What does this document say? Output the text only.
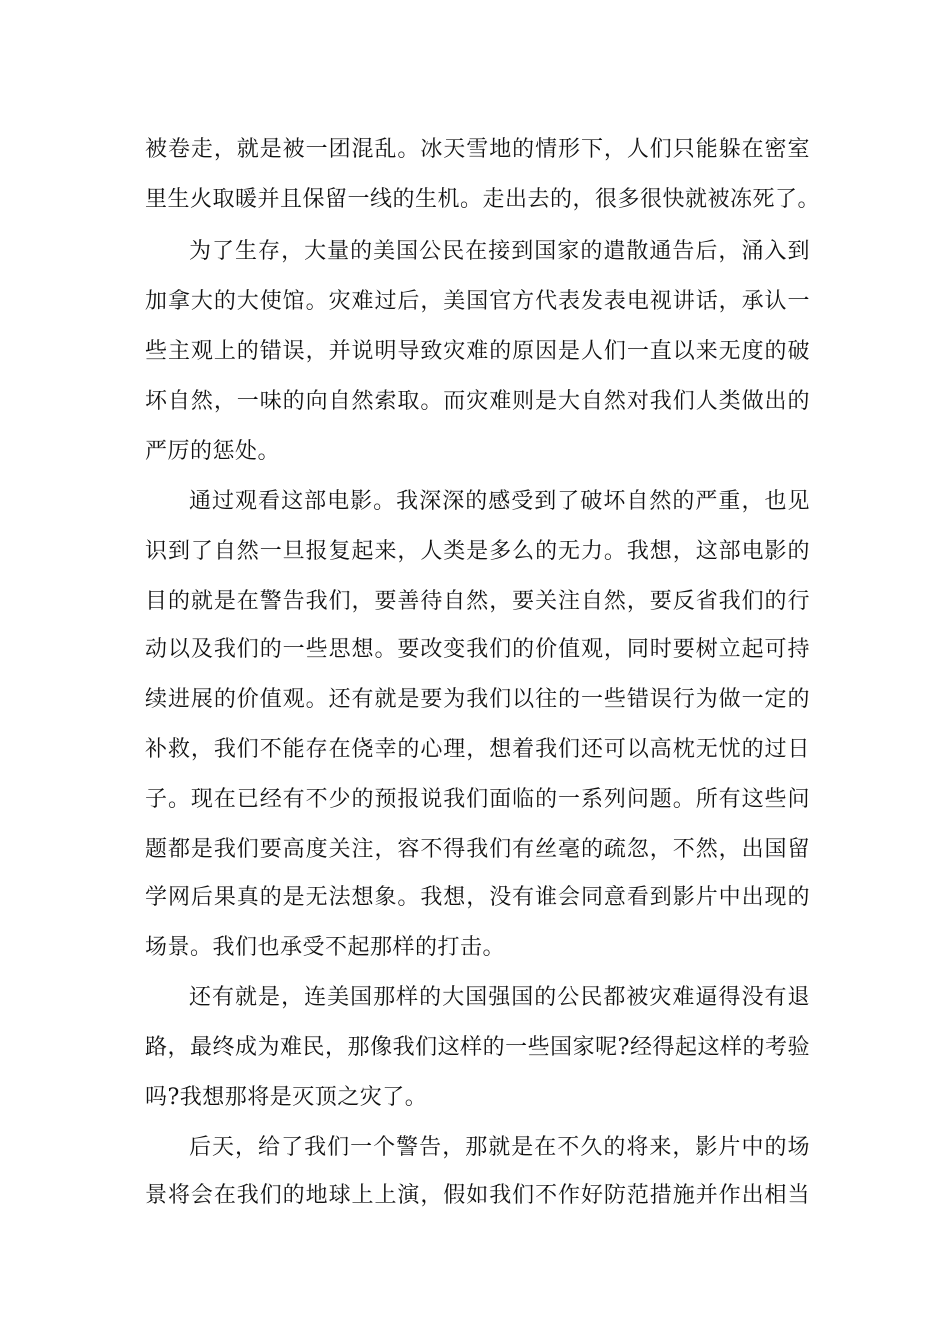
被卷走，就是被一团混乱。冰天雪地的情形下，人们只能躲在密室
里生火取暖并且保留一线的生机。走出去的，很多很快就被冻死了。
为了生存，大量的美国公民在接到国家的遣散通告后，涌入到
加拿大的大使馆。灾难过后，美国官方代表发表电视讲话，承认一
些主观上的错误，并说明导致灾难的原因是人们一直以来无度的破
坏自然，一味的向自然索取。而灾难则是大自然对我们人类做出的
严厉的惩处。
通过观看这部电影。我深深的感受到了破坏自然的严重，也见
识到了自然一旦报复起来，人类是多么的无力。我想，这部电影的
目的就是在警告我们，要善待自然，要关注自然，要反省我们的行
动以及我们的一些思想。要改变我们的价值观，同时要树立起可持
续进展的价值观。还有就是要为我们以往的一些错误行为做一定的
补救，我们不能存在侥幸的心理，想着我们还可以高枕无忧的过日
子。现在已经有不少的预报说我们面临的一系列问题。所有这些问
题都是我们要高度关注，容不得我们有丝毫的疏忽，不然，出国留
学网后果真的是无法想象。我想，没有谁会同意看到影片中出现的
场景。我们也承受不起那样的打击。
还有就是，连美国那样的大国强国的公民都被灾难逼得没有退
路，最终成为难民，那像我们这样的一些国家呢?经得起这样的考验
吗?我想那将是灭顶之灾了。
后天，给了我们一个警告，那就是在不久的将来，影片中的场
景将会在我们的地球上上演，假如我们不作好防范措施并作出相当
